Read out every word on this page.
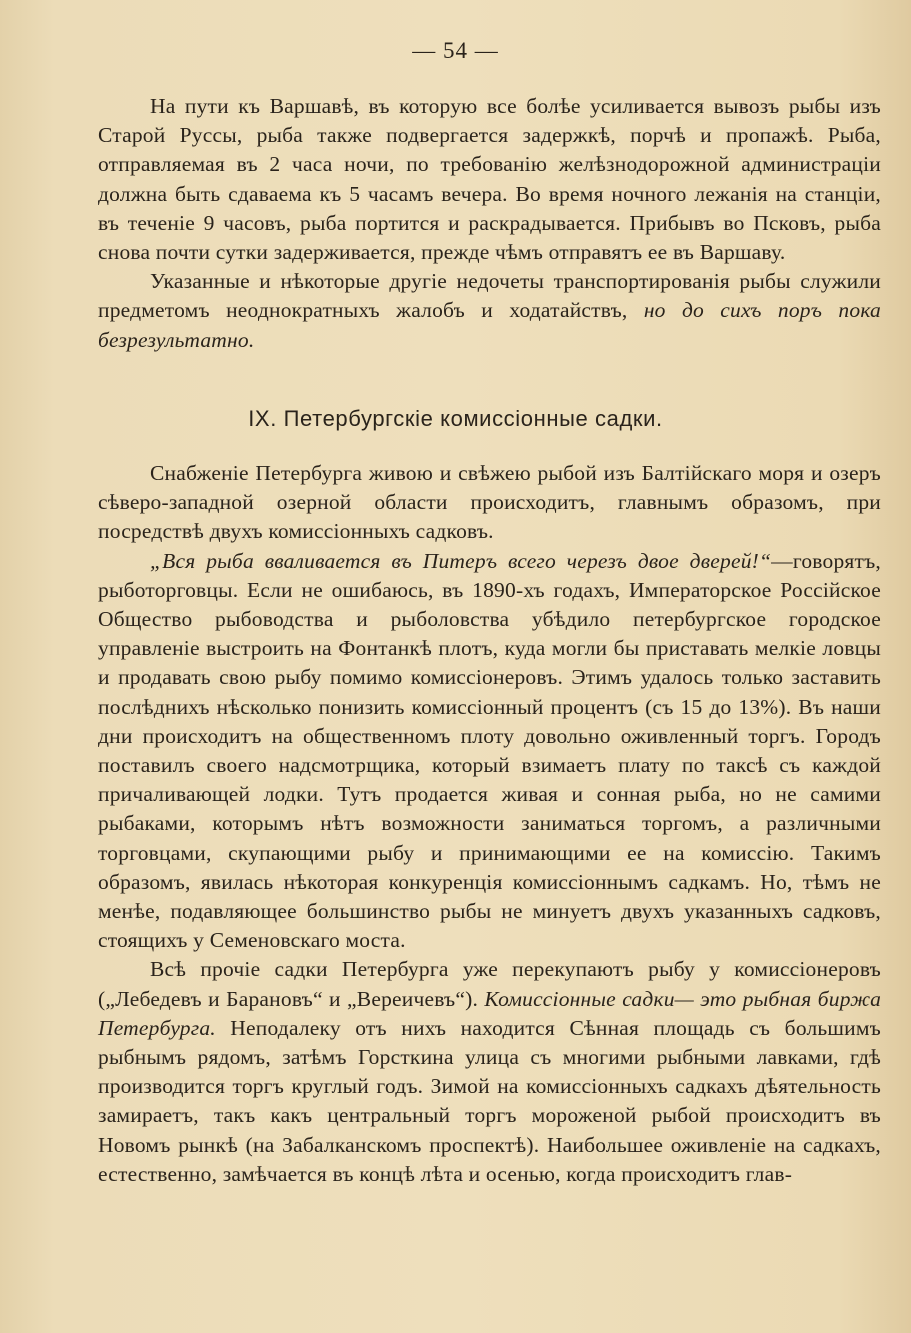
— 54 —

На пути къ Варшавѣ, въ которую все болѣе усиливается вывозъ рыбы изъ Старой Руссы, рыба также подвергается задержкѣ, порчѣ и пропажѣ. Рыба, отправляемая въ 2 часа ночи, по требованію желѣзнодорожной администраціи должна быть сдаваема къ 5 часамъ вечера. Во время ночного лежанія на станціи, въ теченіе 9 часовъ, рыба портится и раскрадывается. Прибывъ во Псковъ, рыба снова почти сутки задерживается, прежде чѣмъ отправятъ ее въ Варшаву.

Указанные и нѣкоторые другіе недочеты транспортированія рыбы служили предметомъ неоднократныхъ жалобъ и ходатайствъ, но до сихъ поръ пока безрезультатно.

IX. Петербургскіе комиссіонные садки.

Снабженіе Петербурга живою и свѣжею рыбой изъ Балтійскаго моря и озеръ сѣверо-западной озерной области происходитъ, главнымъ образомъ, при посредствѣ двухъ комиссіонныхъ садковъ.

„Вся рыба вваливается въ Питеръ всего черезъ двое дверей!“—говорятъ, рыботорговцы. Если не ошибаюсь, въ 1890-хъ годахъ, Императорское Россійское Общество рыбоводства и рыболовства убѣдило петербургское городское управленіе выстроить на Фонтанкѣ плотъ, куда могли бы приставать мелкіе ловцы и продавать свою рыбу помимо комиссіонеровъ. Этимъ удалось только заставить послѣднихъ нѣсколько понизить комиссіонный процентъ (съ 15 до 13%). Въ наши дни происходитъ на общественномъ плоту довольно оживленный торгъ. Городъ поставилъ своего надсмотрщика, который взимаетъ плату по таксѣ съ каждой причаливающей лодки. Тутъ продается живая и сонная рыба, но не самими рыбаками, которымъ нѣтъ возможности заниматься торгомъ, а различными торговцами, скупающими рыбу и принимающими ее на комиссію. Такимъ образомъ, явилась нѣкоторая конкуренція комиссіоннымъ садкамъ. Но, тѣмъ не менѣе, подавляющее большинство рыбы не минуетъ двухъ указанныхъ садковъ, стоящихъ у Семеновскаго моста.

Всѣ прочіе садки Петербурга уже перекупаютъ рыбу у комиссіонеровъ („Лебедевъ и Барановъ“ и „Вереичевъ“). Комиссіонные садки— это рыбная биржа Петербурга. Неподалеку отъ нихъ находится Сѣнная площадь съ большимъ рыбнымъ рядомъ, затѣмъ Горсткина улица съ многими рыбными лавками, гдѣ производится торгъ круглый годъ. Зимой на комиссіонныхъ садкахъ дѣятельность замираетъ, такъ какъ центральный торгъ мороженой рыбой происходитъ въ Новомъ рынкѣ (на Забалканскомъ проспектѣ). Наибольшее оживленіе на садкахъ, естественно, замѣчается въ концѣ лѣта и осенью, когда происходитъ глав-
